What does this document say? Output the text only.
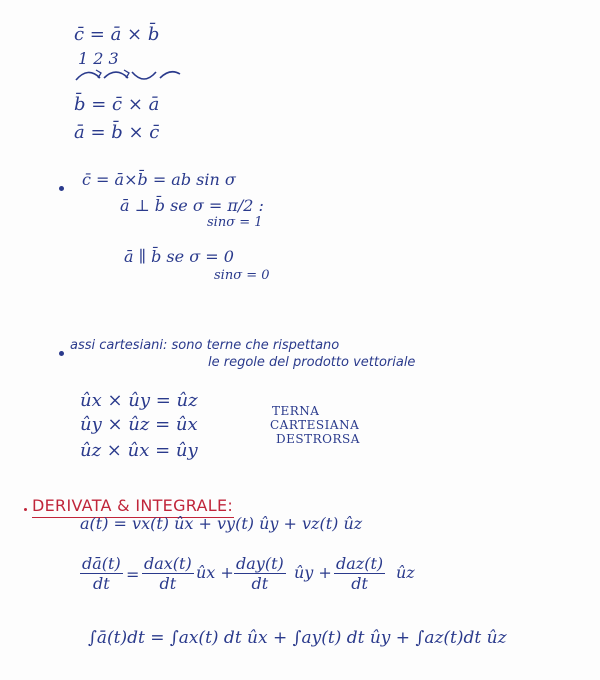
c̄ = ā × b̄
1 2 3
b̄ = c̄ × ā
ā = b̄ × c̄
c̄ = ā×b̄ = ab sin σ
ā ⊥ b̄ se σ = π/2 :
sinσ = 1
ā ∥ b̄ se σ = 0
sinσ = 0
assi cartesiani: sono terne che rispettano
le regole del prodotto vettoriale
ûx × ûy = ûz
ûy × ûz = ûx
ûz × ûx = ûy
TERNA
CARTESIANA
DESTRORSA
DERIVATA & INTEGRALE:
a(t) = vx(t) ûx + vy(t) ûy + vz(t) ûz
$\frac{dā(t)}{dt}$ =
dax(t)
dt
ûx + day(t)
dt
ûy + daz(t)
dt
ûz
∫ā(t)dt = ∫ax(t) dt ûx + ∫ay(t) dt ûy + ∫az(t)dt ûz
